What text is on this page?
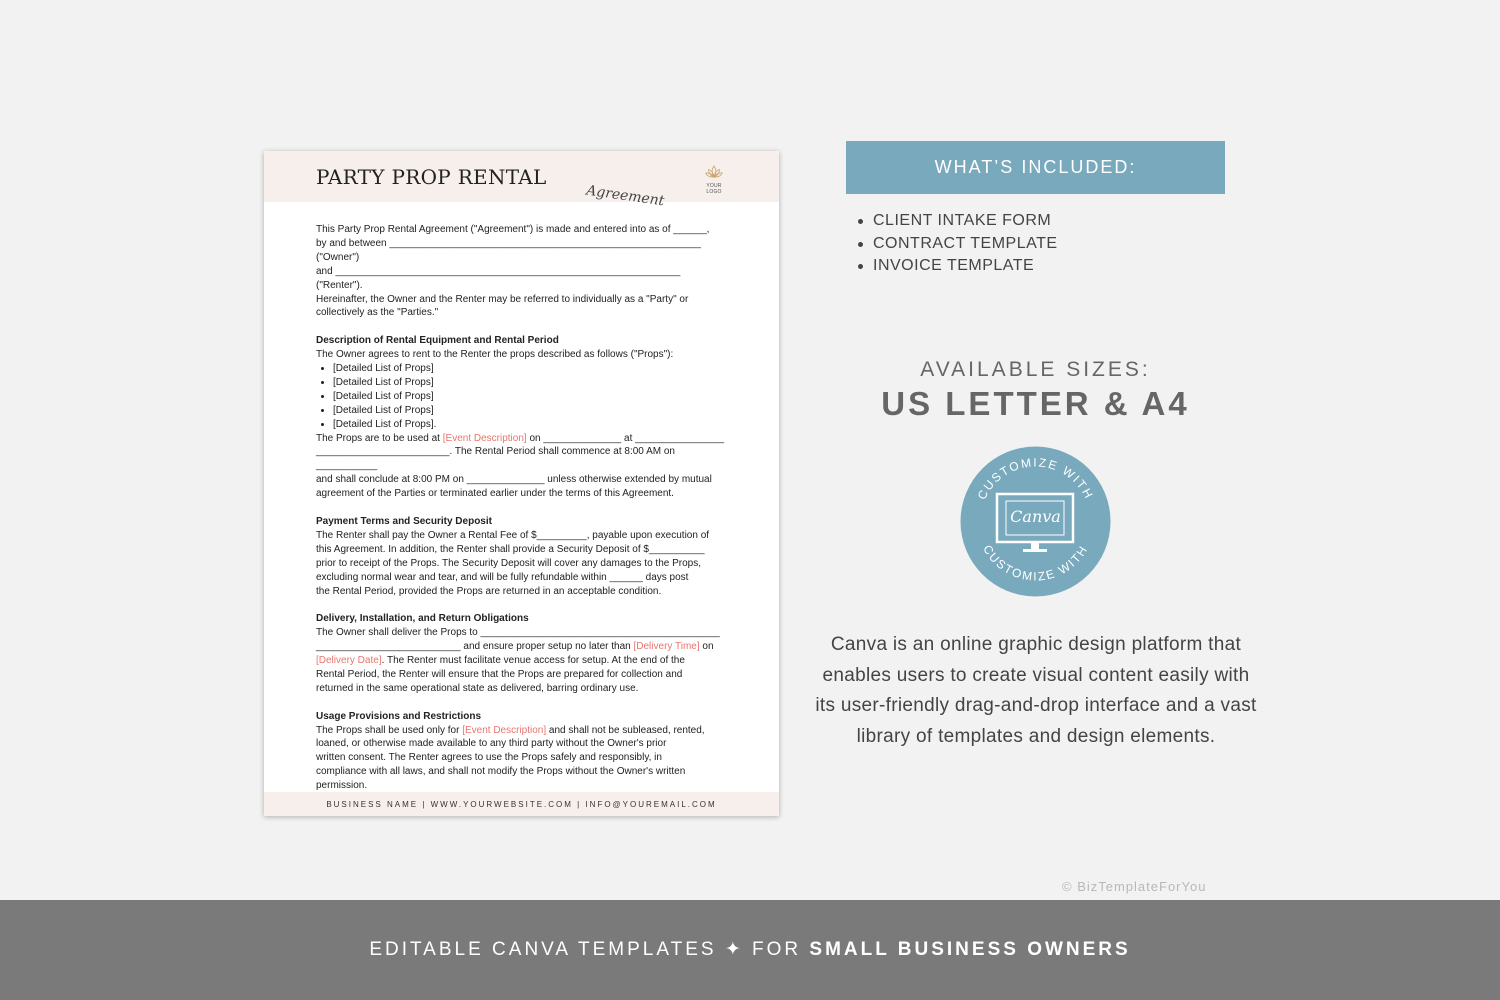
PARTY PROP RENTAL
Agreement	YOUR LOGO

This Party Prop Rental Agreement ("Agreement") is made and entered into as of ______,

by and between ________________________________________________________ ("Owner")

and ______________________________________________________________ ("Renter").

Hereinafter, the Owner and the Renter may be referred to individually as a "Party" or

collectively as the "Parties."

Description of Rental Equipment and Rental Period

The Owner agrees to rent to the Renter the props described as follows ("Props"):

• [Detailed List of Props]
• [Detailed List of Props]
• [Detailed List of Props]
• [Detailed List of Props]
• [Detailed List of Props].

The Props are to be used at [Event Description] on ______________ at ________________

________________________. The Rental Period shall commence at 8:00 AM on ___________

and shall conclude at 8:00 PM on ______________ unless otherwise extended by mutual

agreement of the Parties or terminated earlier under the terms of this Agreement.

Payment Terms and Security Deposit

The Renter shall pay the Owner a Rental Fee of $_________, payable upon execution of

this Agreement. In addition, the Renter shall provide a Security Deposit of $__________

prior to receipt of the Props. The Security Deposit will cover any damages to the Props,

excluding normal wear and tear, and will be fully refundable within ______ days post

the Rental Period, provided the Props are returned in an acceptable condition.

Delivery, Installation, and Return Obligations

The Owner shall deliver the Props to ___________________________________________

__________________________ and ensure proper setup no later than [Delivery Time] on

[Delivery Date]. The Renter must facilitate venue access for setup. At the end of the

Rental Period, the Renter will ensure that the Props are prepared for collection and

returned in the same operational state as delivered, barring ordinary use.

Usage Provisions and Restrictions

The Props shall be used only for [Event Description] and shall not be subleased, rented,

loaned, or otherwise made available to any third party without the Owner's prior

written consent. The Renter agrees to use the Props safely and responsibly, in

compliance with all laws, and shall not modify the Props without the Owner's written

permission.

BUSINESS NAME | WWW.YOURWEBSITE.COM | INFO@YOUREMAIL.COM
WHAT’S INCLUDED:
CLIENT INTAKE FORM
CONTRACT TEMPLATE
INVOICE TEMPLATE
AVAILABLE SIZES:
US LETTER & A4
CUSTOMIZE WITH
CUSTOMIZE WITH
Canva

Canva is an online graphic design platform that enables users to create visual content easily with its user-friendly drag-and-drop interface and a vast library of templates and design elements.

© BizTemplateForYou
EDITABLE CANVA TEMPLATES ✦ FOR SMALL BUSINESS OWNERS
